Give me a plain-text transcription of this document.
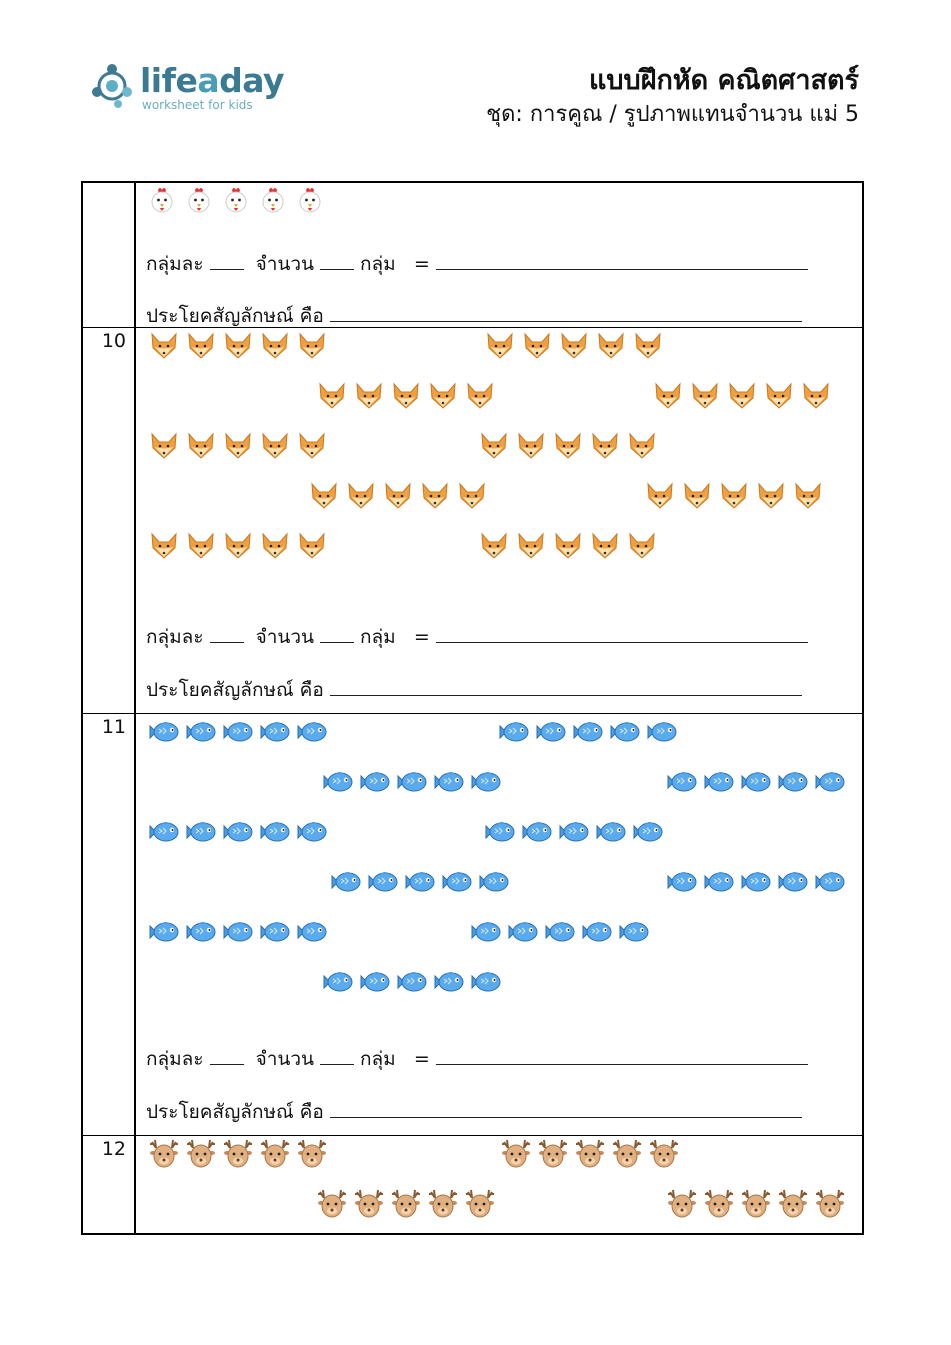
lifeaday
worksheet for kids
แบบฝึกหัด คณิตศาสตร์
ชุด: การคูณ / รูปภาพแทนจำนวน แม่ 5
กลุ่มละ	จำนวน กลุ่ม =
ประโยคสัญลักษณ์ คือ
10
กลุ่มละ	จำนวน กลุ่ม =
ประโยคสัญลักษณ์ คือ
11
กลุ่มละ	จำนวน กลุ่ม =
ประโยคสัญลักษณ์ คือ
12
